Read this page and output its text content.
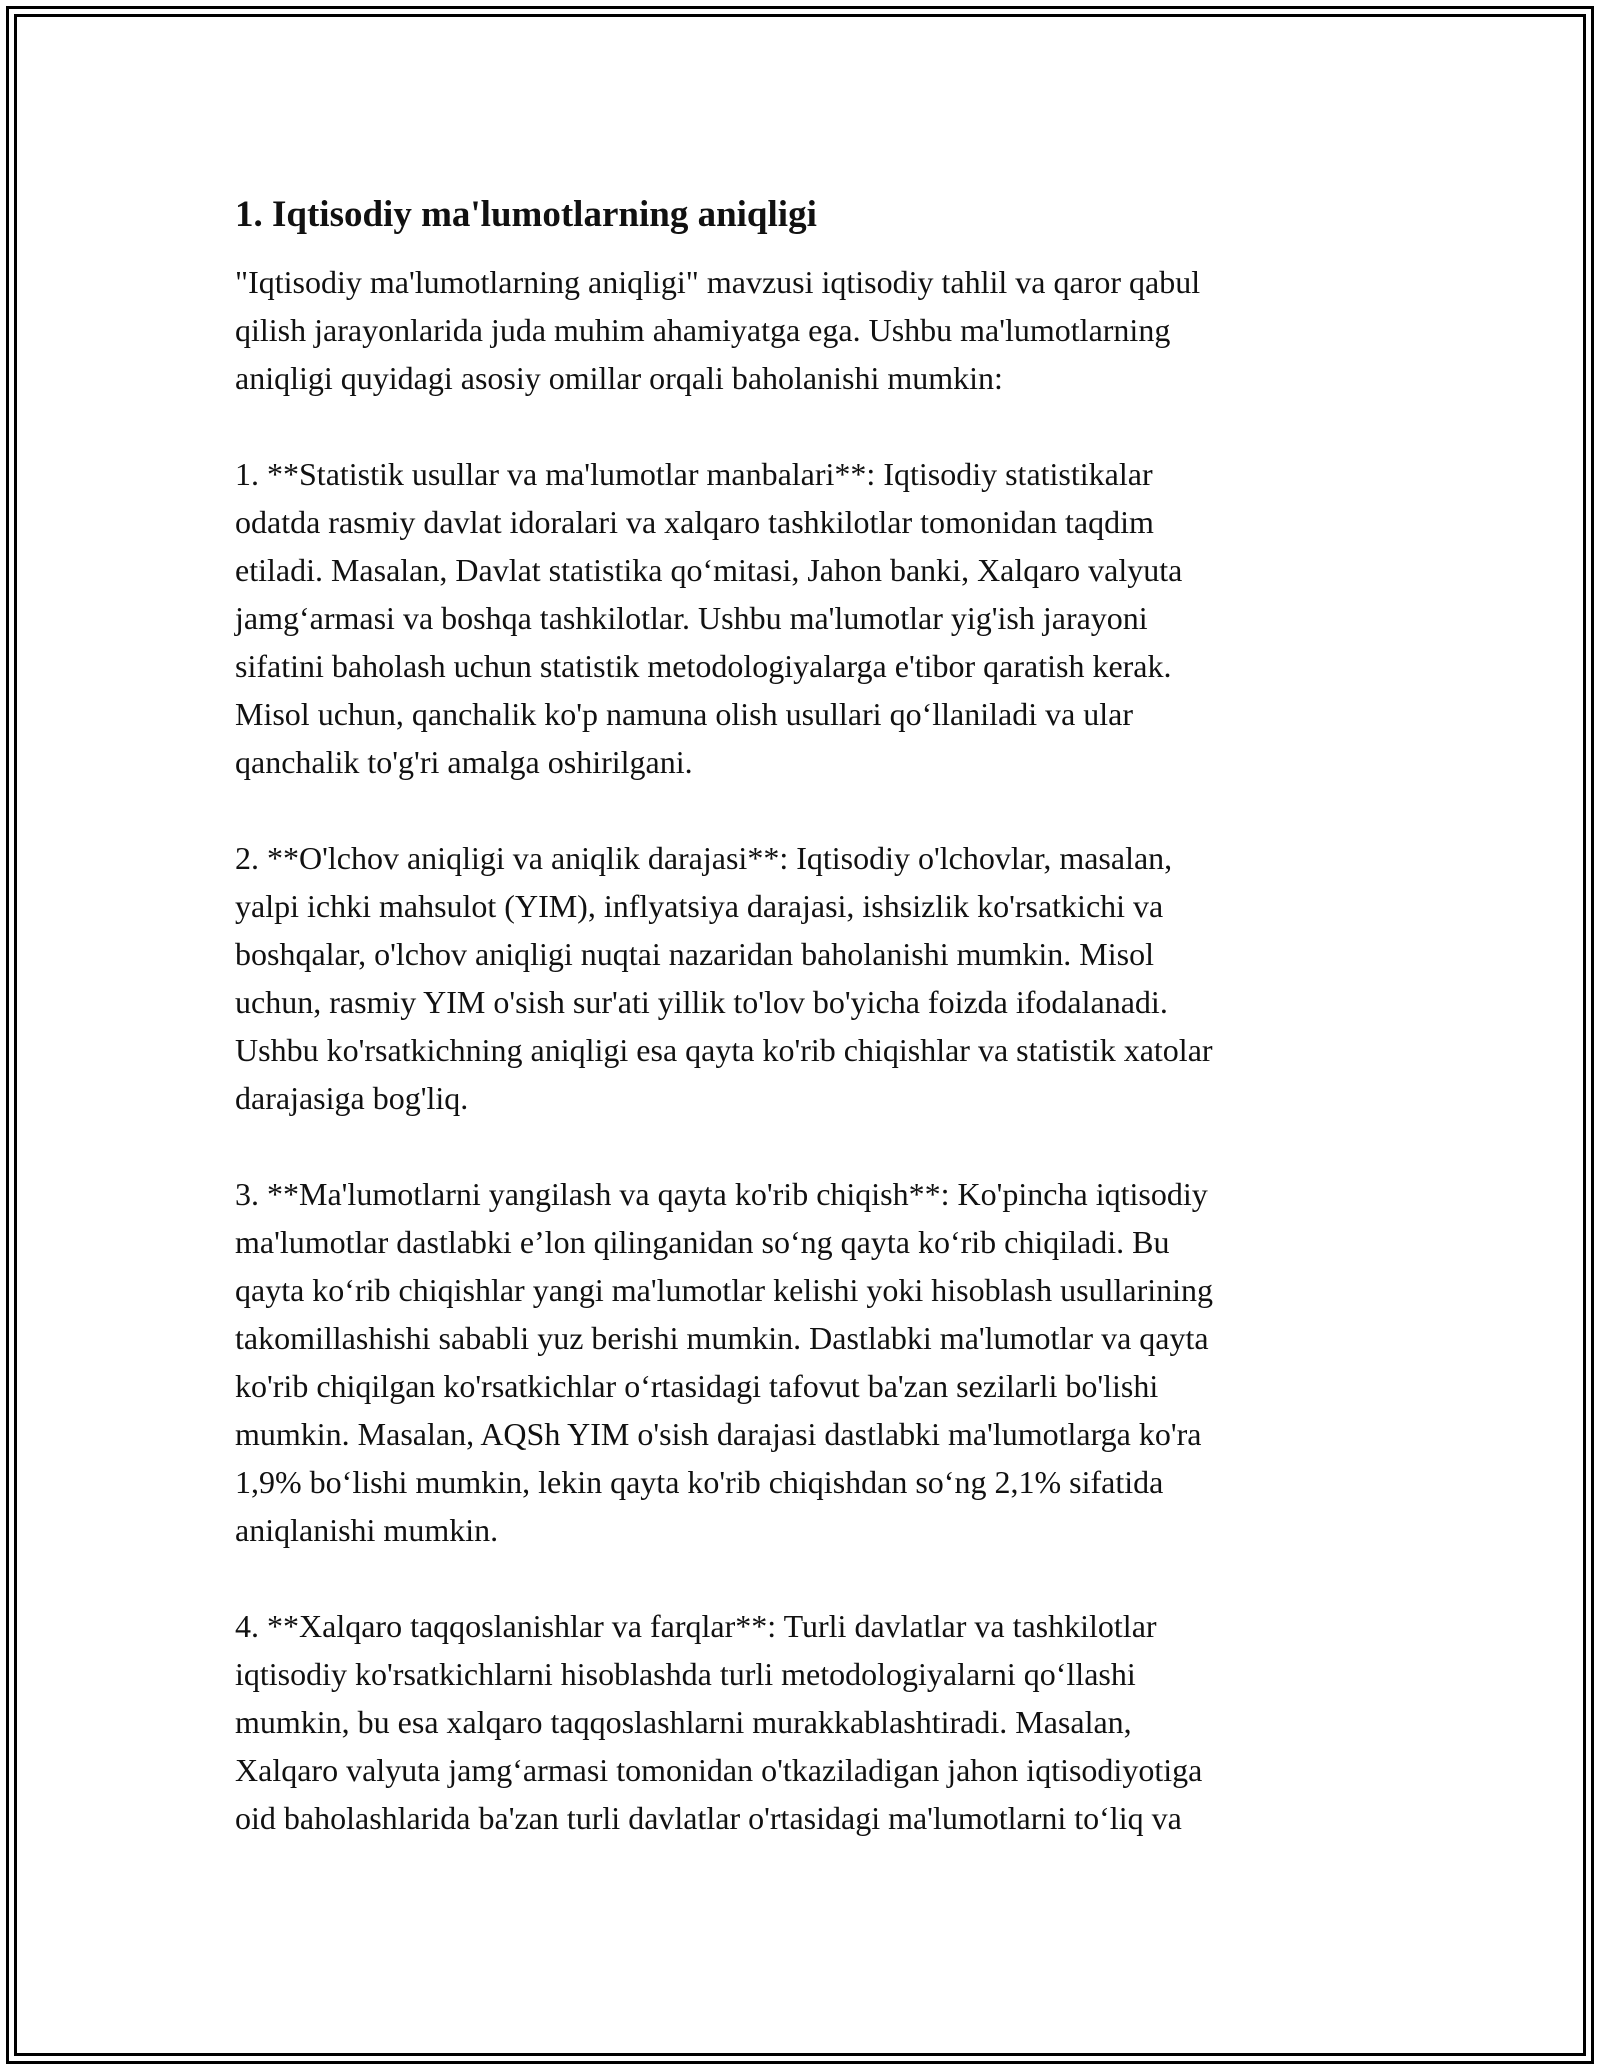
1. Iqtisodiy ma'lumotlarning aniqligi

"Iqtisodiy ma'lumotlarning aniqligi" mavzusi iqtisodiy tahlil va qaror qabul
qilish jarayonlarida juda muhim ahamiyatga ega. Ushbu ma'lumotlarning
aniqligi quyidagi asosiy omillar orqali baholanishi mumkin:

1. **Statistik usullar va ma'lumotlar manbalari**: Iqtisodiy statistikalar
odatda rasmiy davlat idoralari va xalqaro tashkilotlar tomonidan taqdim
etiladi. Masalan, Davlat statistika qo‘mitasi, Jahon banki, Xalqaro valyuta
jamg‘armasi va boshqa tashkilotlar. Ushbu ma'lumotlar yig'ish jarayoni
sifatini baholash uchun statistik metodologiyalarga e'tibor qaratish kerak.
Misol uchun, qanchalik ko'p namuna olish usullari qo‘llaniladi va ular
qanchalik to'g'ri amalga oshirilgani.

2. **O'lchov aniqligi va aniqlik darajasi**: Iqtisodiy o'lchovlar, masalan,
yalpi ichki mahsulot (YIM), inflyatsiya darajasi, ishsizlik ko'rsatkichi va
boshqalar, o'lchov aniqligi nuqtai nazaridan baholanishi mumkin. Misol
uchun, rasmiy YIM o'sish sur'ati yillik to'lov bo'yicha foizda ifodalanadi.
Ushbu ko'rsatkichning aniqligi esa qayta ko'rib chiqishlar va statistik xatolar
darajasiga bog'liq.

3. **Ma'lumotlarni yangilash va qayta ko'rib chiqish**: Ko'pincha iqtisodiy
ma'lumotlar dastlabki e’lon qilinganidan so‘ng qayta ko‘rib chiqiladi. Bu
qayta ko‘rib chiqishlar yangi ma'lumotlar kelishi yoki hisoblash usullarining
takomillashishi sababli yuz berishi mumkin. Dastlabki ma'lumotlar va qayta
ko'rib chiqilgan ko'rsatkichlar o‘rtasidagi tafovut ba'zan sezilarli bo'lishi
mumkin. Masalan, AQSh YIM o'sish darajasi dastlabki ma'lumotlarga ko'ra
1,9% bo‘lishi mumkin, lekin qayta ko'rib chiqishdan so‘ng 2,1% sifatida
aniqlanishi mumkin.

4. **Xalqaro taqqoslanishlar va farqlar**: Turli davlatlar va tashkilotlar
iqtisodiy ko'rsatkichlarni hisoblashda turli metodologiyalarni qo‘llashi
mumkin, bu esa xalqaro taqqoslashlarni murakkablashtiradi. Masalan,
Xalqaro valyuta jamg‘armasi tomonidan o'tkaziladigan jahon iqtisodiyotiga
oid baholashlarida ba'zan turli davlatlar o'rtasidagi ma'lumotlarni to‘liq va
